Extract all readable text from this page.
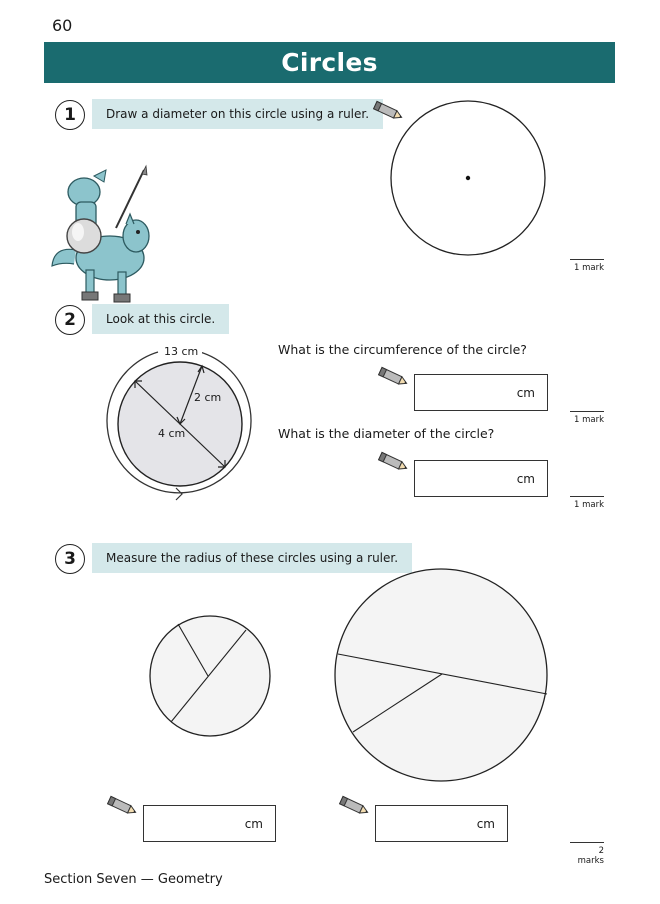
60
Circles
1	Draw a diameter on this circle using a ruler.
1 mark
2	Look at this circle.
13 cm
2 cm
4 cm
What is the circumference of the circle?
cm
1 mark
What is the diameter of the circle?
cm
1 mark
3	Measure the radius of these circles using a ruler.
cm	cm
2 marks
Section Seven — Geometry
